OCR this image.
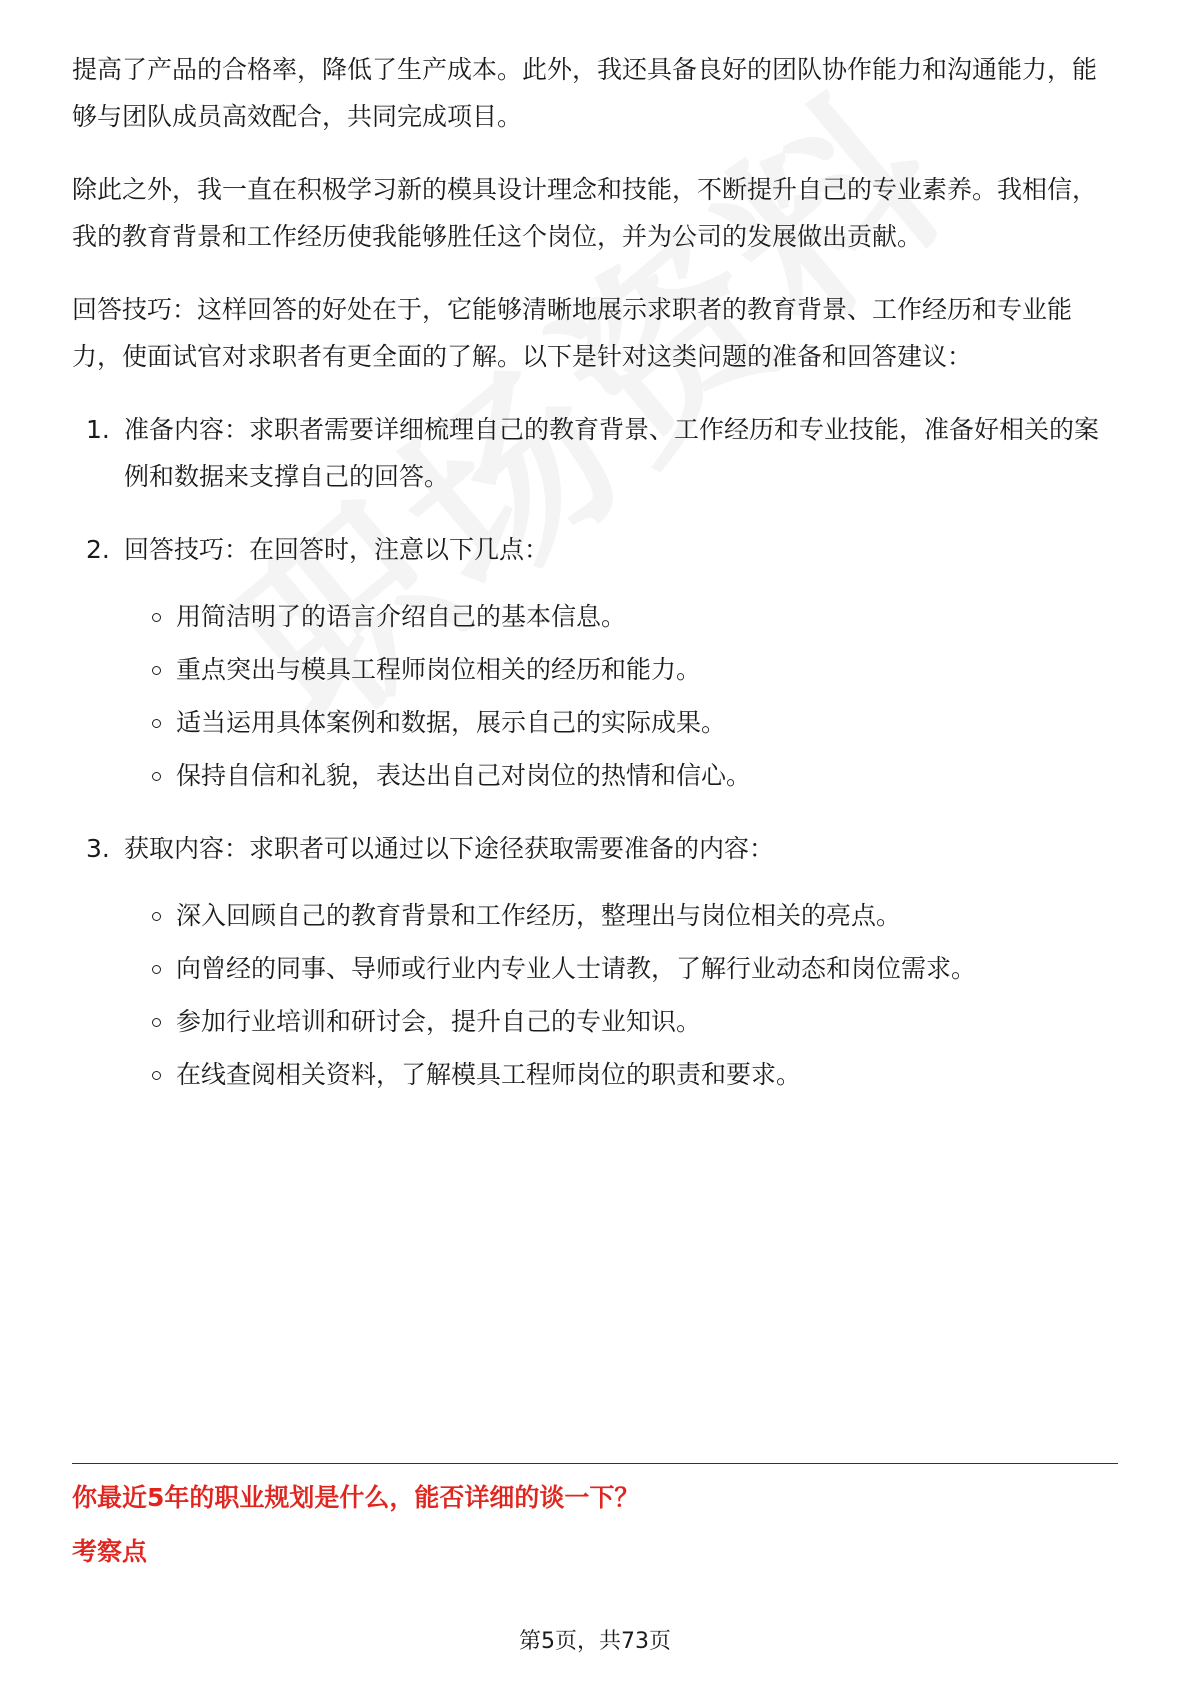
提高了产品的合格率，降低了生产成本。此外，我还具备良好的团队协作能力和沟通能力，能够与团队成员高效配合，共同完成项目。

除此之外，我一直在积极学习新的模具设计理念和技能，不断提升自己的专业素养。我相信，我的教育背景和工作经历使我能够胜任这个岗位，并为公司的发展做出贡献。

回答技巧：这样回答的好处在于，它能够清晰地展示求职者的教育背景、工作经历和专业能力，使面试官对求职者有更全面的了解。以下是针对这类问题的准备和回答建议：

1. 准备内容：求职者需要详细梳理自己的教育背景、工作经历和专业技能，准备好相关的案例和数据来支撑自己的回答。
2. 回答技巧：在回答时，注意以下几点：
用简洁明了的语言介绍自己的基本信息。
重点突出与模具工程师岗位相关的经历和能力。
适当运用具体案例和数据，展示自己的实际成果。
保持自信和礼貌，表达出自己对岗位的热情和信心。
3. 获取内容：求职者可以通过以下途径获取需要准备的内容：
深入回顾自己的教育背景和工作经历，整理出与岗位相关的亮点。
向曾经的同事、导师或行业内专业人士请教，了解行业动态和岗位需求。
参加行业培训和研讨会，提升自己的专业知识。
在线查阅相关资料，了解模具工程师岗位的职责和要求。
你最近5年的职业规划是什么，能否详细的谈一下？
考察点
第5页，共73页
